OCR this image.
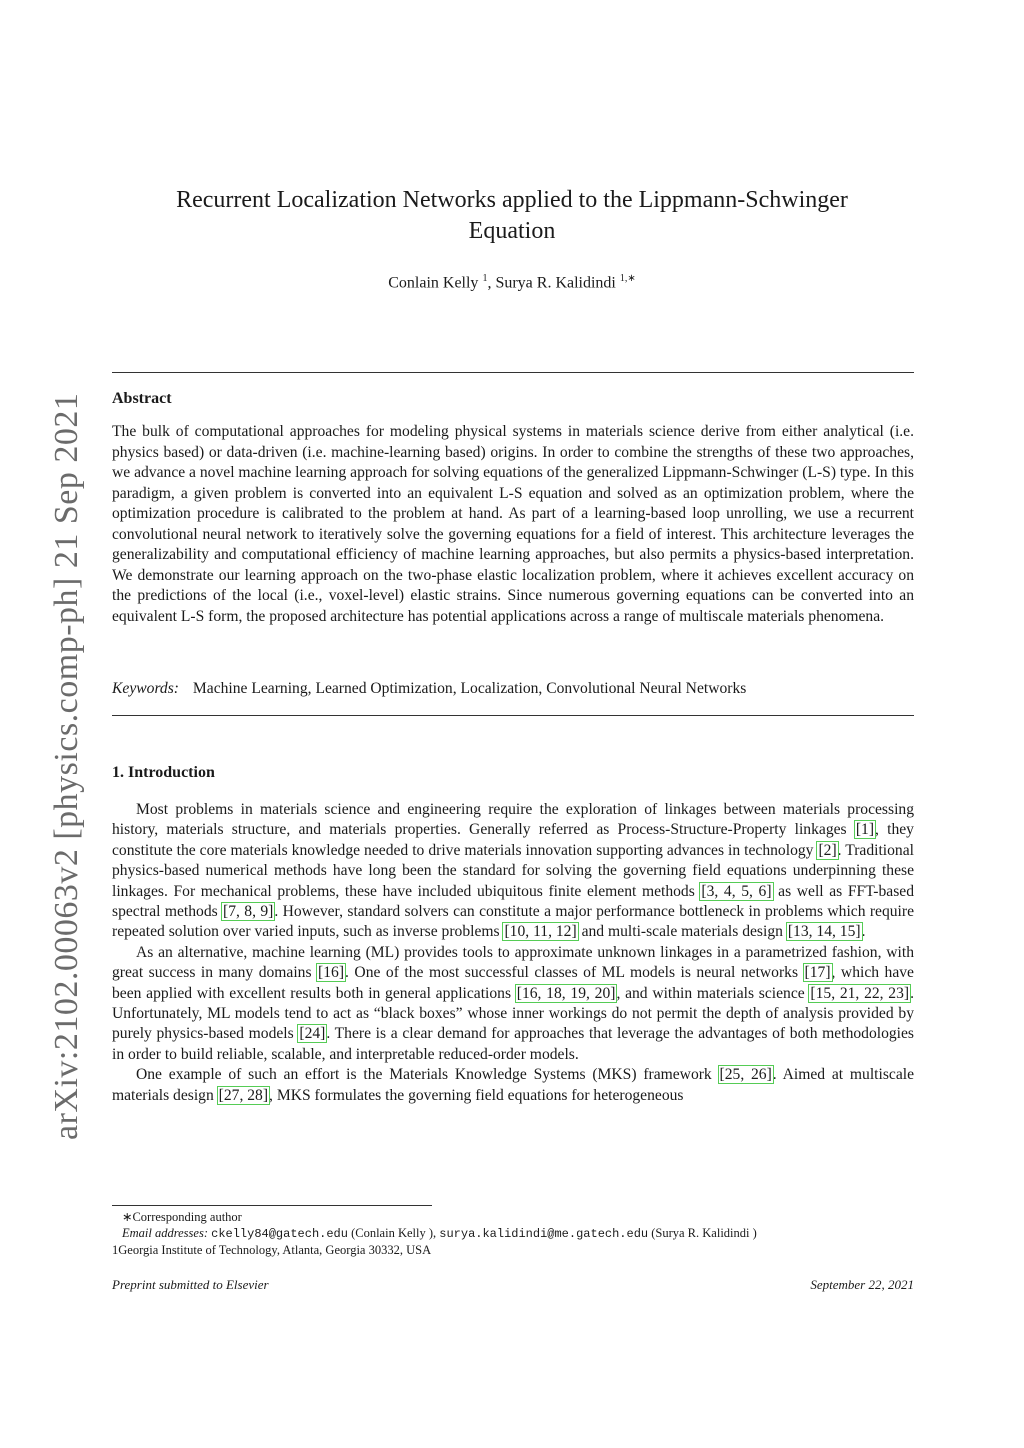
arXiv:2102.00063v2 [physics.comp-ph] 21 Sep 2021
Recurrent Localization Networks applied to the Lippmann-Schwinger
Equation
Conlain Kelly $^1$, Surya R. Kalidindi $^{1,∗}$
Abstract
The bulk of computational approaches for modeling physical systems in materials science derive from either analytical (i.e. physics based) or data-driven (i.e. machine-learning based) origins. In order to combine the strengths of these two approaches, we advance a novel machine learning approach for solving equations of the generalized Lippmann-Schwinger (L-S) type. In this paradigm, a given problem is converted into an equivalent L-S equation and solved as an optimization problem, where the optimization procedure is calibrated to the problem at hand. As part of a learning-based loop unrolling, we use a recurrent convolutional neural network to iteratively solve the governing equations for a field of interest. This architecture leverages the generalizability and computational efficiency of machine learning approaches, but also permits a physics-based interpretation. We demonstrate our learning approach on the two-phase elastic localization problem, where it achieves excellent accuracy on the predictions of the local (i.e., voxel-level) elastic strains. Since numerous governing equations can be converted into an equivalent L-S form, the proposed architecture has potential applications across a range of multiscale materials phenomena.
Keywords: Machine Learning, Learned Optimization, Localization, Convolutional Neural Networks
1. Introduction

Most problems in materials science and engineering require the exploration of linkages between materials processing history, materials structure, and materials properties. Generally referred as Process-Structure-Property linkages [1], they constitute the core materials knowledge needed to drive materials innovation supporting advances in technology [2]. Traditional physics-based numerical methods have long been the standard for solving the governing field equations underpinning these linkages. For mechanical problems, these have included ubiquitous finite element methods [3, 4, 5, 6] as well as FFT-based spectral methods [7, 8, 9]. However, standard solvers can constitute a major performance bottleneck in problems which require repeated solution over varied inputs, such as inverse problems [10, 11, 12] and multi-scale materials design [13, 14, 15].

As an alternative, machine learning (ML) provides tools to approximate unknown linkages in a parametrized fashion, with great success in many domains [16]. One of the most successful classes of ML models is neural networks [17], which have been applied with excellent results both in general applications [16, 18, 19, 20], and within materials science [15, 21, 22, 23]. Unfortunately, ML models tend to act as “black boxes” whose inner workings do not permit the depth of analysis provided by purely physics-based models [24]. There is a clear demand for approaches that leverage the advantages of both methodologies in order to build reliable, scalable, and interpretable reduced-order models.

One example of such an effort is the Materials Knowledge Systems (MKS) framework [25, 26]. Aimed at multiscale materials design [27, 28], MKS formulates the governing field equations for heterogeneous

∗Corresponding author
Email addresses: ckelly84@gatech.edu (Conlain Kelly ), surya.kalidindi@me.gatech.edu (Surya R. Kalidindi )
1Georgia Institute of Technology, Atlanta, Georgia 30332, USA
Preprint submitted to Elsevier	September 22, 2021
